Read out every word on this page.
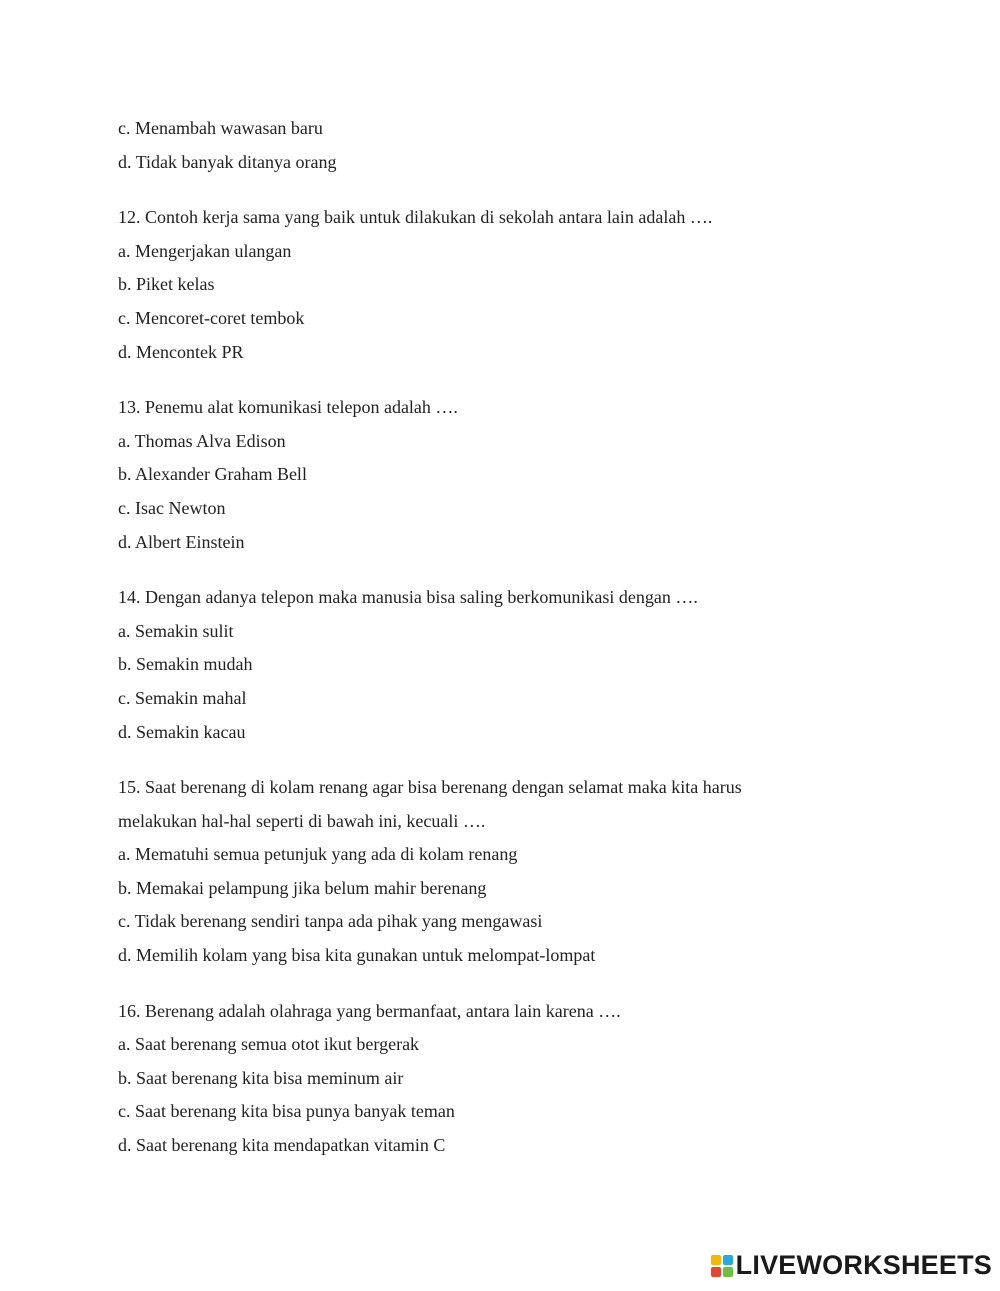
c. Menambah wawasan baru
d. Tidak banyak ditanya orang
12. Contoh kerja sama yang baik untuk dilakukan di sekolah antara lain adalah ….
a. Mengerjakan ulangan
b. Piket kelas
c. Mencoret-coret tembok
d. Mencontek PR
13. Penemu alat komunikasi telepon adalah ….
a. Thomas Alva Edison
b. Alexander Graham Bell
c. Isac Newton
d. Albert Einstein
14. Dengan adanya telepon maka manusia bisa saling berkomunikasi dengan ….
a. Semakin sulit
b. Semakin mudah
c. Semakin mahal
d. Semakin kacau
15. Saat berenang di kolam renang agar bisa berenang dengan selamat maka kita harus
melakukan hal-hal seperti di bawah ini, kecuali ….
a. Mematuhi semua petunjuk yang ada di kolam renang
b. Memakai pelampung jika belum mahir berenang
c. Tidak berenang sendiri tanpa ada pihak yang mengawasi
d. Memilih kolam yang bisa kita gunakan untuk melompat-lompat
16. Berenang adalah olahraga yang bermanfaat, antara lain karena ….
a. Saat berenang semua otot ikut bergerak
b. Saat berenang kita bisa meminum air
c. Saat berenang kita bisa punya banyak teman
d. Saat berenang kita mendapatkan vitamin C
LIVEWORKSHEETS
